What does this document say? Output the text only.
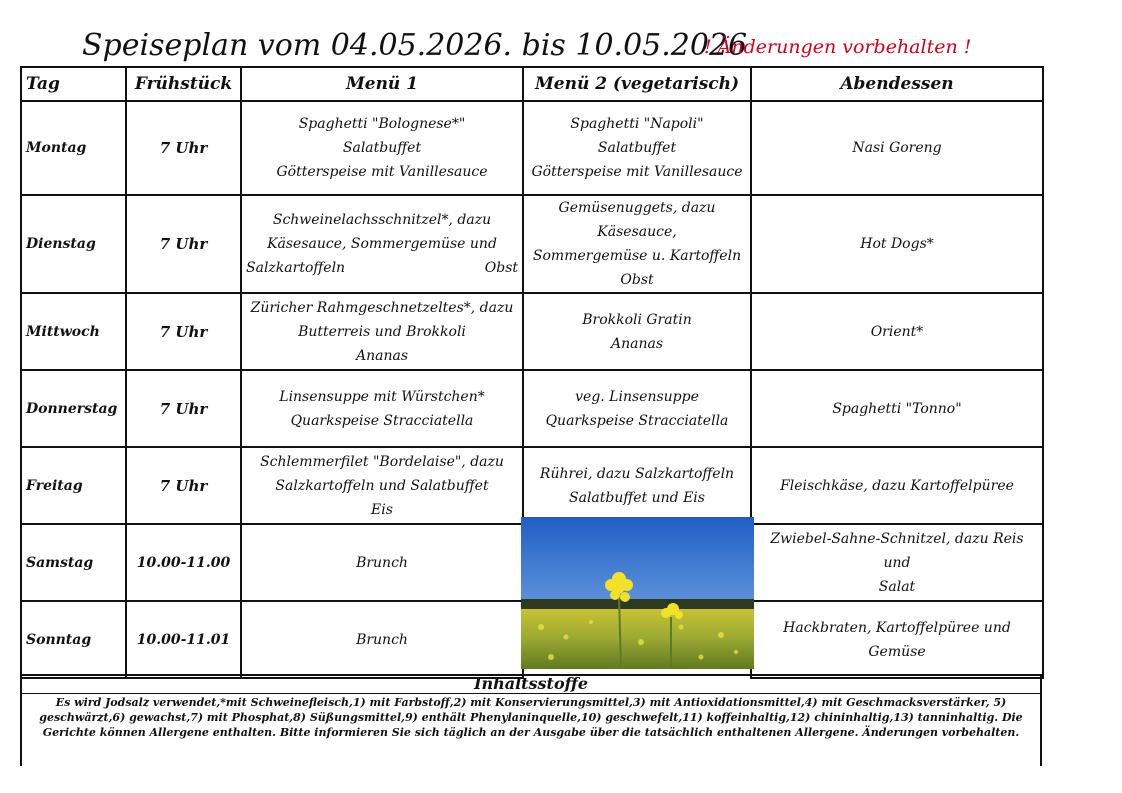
Speiseplan vom 04.05.2026. bis 10.05.2026
! Änderungen vorbehalten !
Tag	Frühstück	Menü 1	Menü 2 (vegetarisch)	Abendessen
Montag	7 Uhr	Spaghetti "Bolognese*"
Salatbuffet
Götterspeise mit Vanillesauce	Spaghetti "Napoli"
Salatbuffet
Götterspeise mit Vanillesauce	Nasi Goreng

Dienstag	7 Uhr	Schweinelachsschnitzel*, dazu
Käsesauce, Sommergemüse und
Salzkartoffeln Obst	Gemüsenuggets, dazu Käsesauce,
Sommergemüse u. Kartoffeln
Obst	Hot Dogs*

Mittwoch	7 Uhr	Züricher Rahmgeschnetzeltes*, dazu
Butterreis und Brokkoli
Ananas	Brokkoli Gratin
Ananas	Orient*

Donnerstag	7 Uhr	Linsensuppe mit Würstchen*
Quarkspeise Stracciatella	veg. Linsensuppe
Quarkspeise Stracciatella	Spaghetti "Tonno"

Freitag	7 Uhr	Schlemmerfilet "Bordelaise", dazu
Salzkartoffeln und Salatbuffet
Eis	Rührei, dazu Salzkartoffeln
Salatbuffet und Eis	Fleischkäse, dazu Kartoffelpüree

Samstag	10.00-11.00	Brunch		Zwiebel-Sahne-Schnitzel, dazu Reis und
Salat

Sonntag	10.00-11.01	Brunch		Hackbraten, Kartoffelpüree und Gemüse
Inhaltsstoffe
Es wird Jodsalz verwendet,*mit Schweinefleisch,1) mit Farbstoff,2) mit Konservierungsmittel,3) mit Antioxidationsmittel,4) mit Geschmacksverstärker, 5) geschwärzt,6) gewachst,7) mit Phosphat,8) Süßungsmittel,9) enthält Phenylaninquelle,10) geschwefelt,11) koffeinhaltig,12) chininhaltig,13) tanninhaltig. Die Gerichte können Allergene enthalten. Bitte informieren Sie sich täglich an der Ausgabe über die tatsächlich enthaltenen Allergene. Änderungen vorbehalten.
